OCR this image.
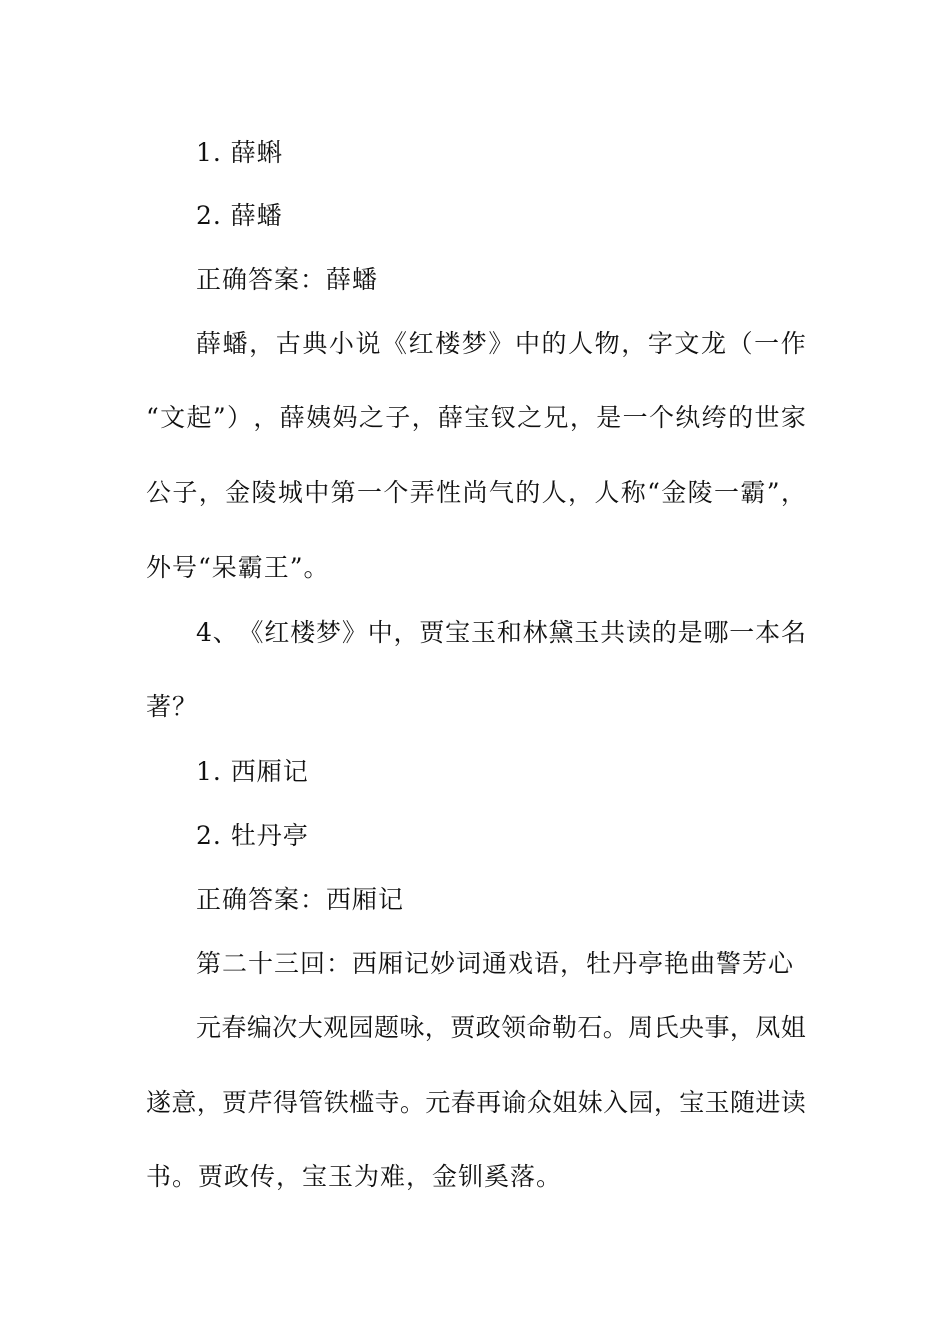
1. 薛蝌
2. 薛蟠
正确答案：薛蟠
薛 蟠 ， 古 典 小 说 《 红 楼 梦 》 中 的 人 物 ， 字 文 龙 （ 一 作
“ 文 起 ” ） ， 薛 姨 妈 之 子 ， 薛 宝 钗 之 兄 ， 是 一 个 纨 绔 的 世 家
公 子 ， 金 陵 城 中 第 一 个 弄 性 尚 气 的 人 ， 人 称 “ 金 陵 一 霸 ” ，
外号“呆霸王”。
4 、 《 红 楼 梦 》 中 ， 贾 宝 玉 和 林 黛 玉 共 读 的 是 哪 一 本 名
著？
1. 西厢记
2. 牡丹亭
正确答案：西厢记
第二十三回：西厢记妙词通戏语，牡丹亭艳曲警芳心
元 春 编 次 大 观 园 题 咏 ， 贾 政 领 命 勒 石 。 周 氏 央 事 ， 凤 姐
遂 意 ， 贾 芹 得 管 铁 槛 寺 。 元 春 再 谕 众 姐 妹 入 园 ， 宝 玉 随 进 读
书。贾政传，宝玉为难，金钏奚落。
